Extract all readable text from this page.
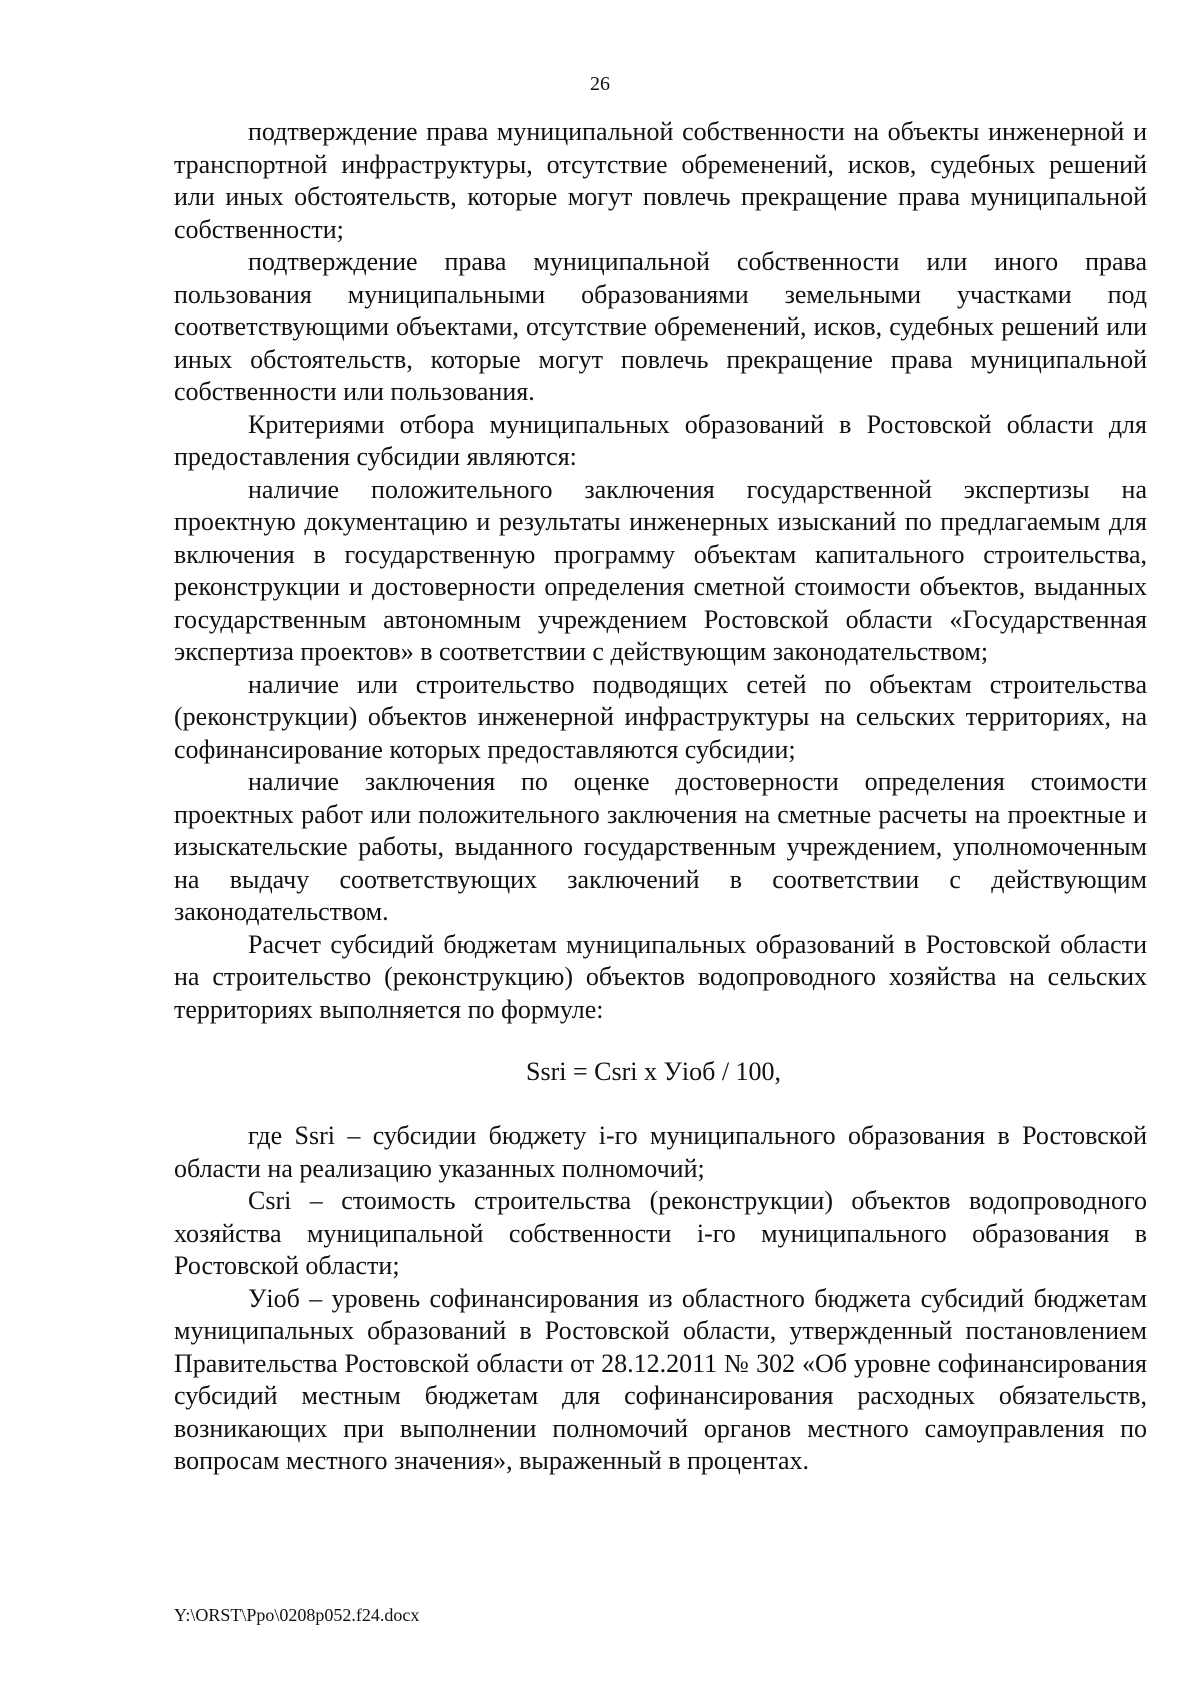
26

подтверждение права муниципальной собственности на объекты инженерной и транспортной инфраструктуры, отсутствие обременений, исков, судебных решений или иных обстоятельств, которые могут повлечь прекращение права муниципальной собственности;

подтверждение права муниципальной собственности или иного права пользования муниципальными образованиями земельными участками под соответствующими объектами, отсутствие обременений, исков, судебных решений или иных обстоятельств, которые могут повлечь прекращение права муниципальной собственности или пользования.

Критериями отбора муниципальных образований в Ростовской области для предоставления субсидии являются:

наличие положительного заключения государственной экспертизы на проектную документацию и результаты инженерных изысканий по предлагаемым для включения в государственную программу объектам капитального строительства, реконструкции и достоверности определения сметной стоимости объектов, выданных государственным автономным учреждением Ростовской области «Государственная экспертиза проектов» в соответствии с действующим законодательством;

наличие или строительство подводящих сетей по объектам строительства (реконструкции) объектов инженерной инфраструктуры на сельских территориях, на софинансирование которых предоставляются субсидии;

наличие заключения по оценке достоверности определения стоимости проектных работ или положительного заключения на сметные расчеты на проектные и изыскательские работы, выданного государственным учреждением, уполномоченным на выдачу соответствующих заключений в соответствии с действующим законодательством.

Расчет субсидий бюджетам муниципальных образований в Ростовской области на строительство (реконструкцию) объектов водопроводного хозяйства на сельских территориях выполняется по формуле:

Ssri = Csri x Уioб / 100,

где Ssri – субсидии бюджету i-го муниципального образования в Ростовской области на реализацию указанных полномочий;

Csri – стоимость строительства (реконструкции) объектов водопроводного хозяйства муниципальной собственности i-го муниципального образования в Ростовской области;

Уioб – уровень софинансирования из областного бюджета субсидий бюджетам муниципальных образований в Ростовской области, утвержденный постановлением Правительства Ростовской области от 28.12.2011 № 302 «Об уровне софинансирования субсидий местным бюджетам для софинансирования расходных обязательств, возникающих при выполнении полномочий органов местного самоуправления по вопросам местного значения», выраженный в процентах.

Y:\ORST\Ppo\0208p052.f24.docx
